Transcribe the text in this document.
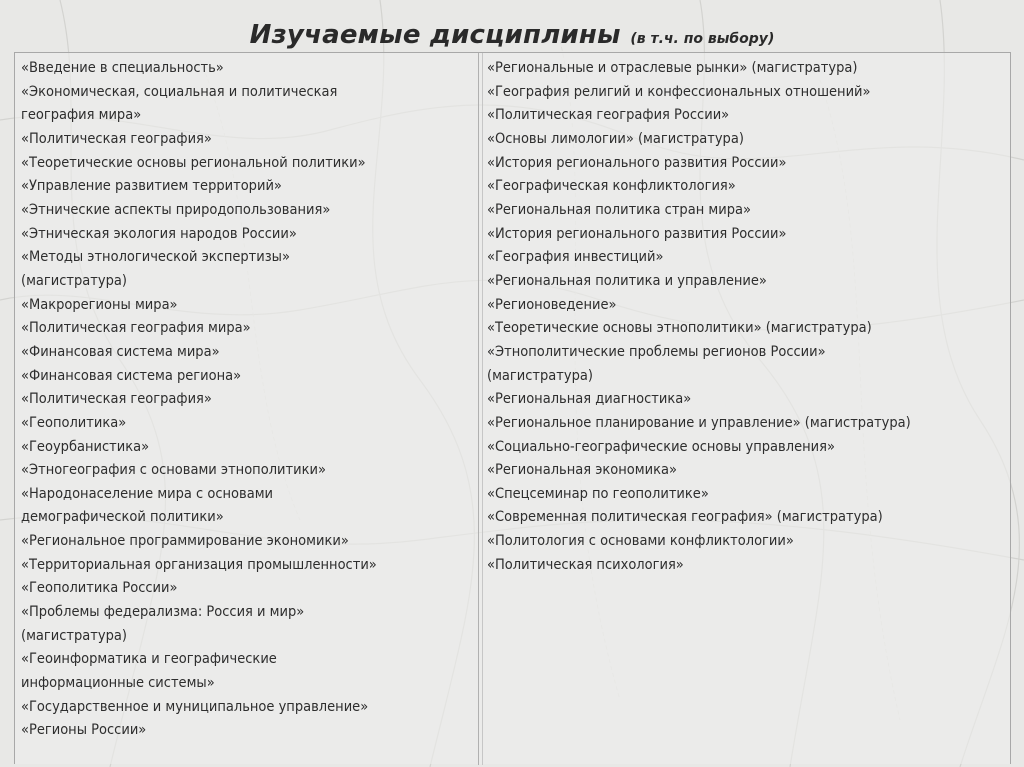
Изучаемые дисциплины (в т.ч. по выбору)
«Введение в специальность»
«Экономическая, социальная и политическая
география мира»
«Политическая география»
«Теоретические основы региональной политики»
«Управление развитием территорий»
«Этнические аспекты природопользования»
«Этническая экология народов России»
«Методы этнологической экспертизы»
(магистратура)
«Макрорегионы мира»
«Политическая география мира»
«Финансовая система мира»
«Финансовая система региона»
«Политическая география»
«Геополитика»
«Геоурбанистика»
«Этногеография с основами этнополитики»
«Народонаселение мира с основами
демографической политики»
«Региональное программирование экономики»
«Территориальная организация промышленности»
«Геополитика России»
«Проблемы федерализма: Россия и мир»
(магистратура)
«Геоинформатика и географические
информационные системы»
«Государственное и муниципальное управление»
«Регионы России»
«Региональные и отраслевые рынки» (магистратура)
«География религий и конфессиональных отношений»
«Политическая география России»
«Основы лимологии» (магистратура)
«История регионального развития России»
«Географическая конфликтология»
«Региональная политика стран мира»
«История регионального развития России»
«География инвестиций»
«Региональная политика и управление»
«Регионоведение»
«Теоретические основы этнополитики» (магистратура)
«Этнополитические проблемы регионов России»
(магистратура)
«Региональная диагностика»
«Региональное планирование и управление» (магистратура)
«Социально-географические основы управления»
«Региональная экономика»
«Спецсеминар по геополитике»
«Современная политическая география» (магистратура)
«Политология с основами конфликтологии»
«Политическая психология»
